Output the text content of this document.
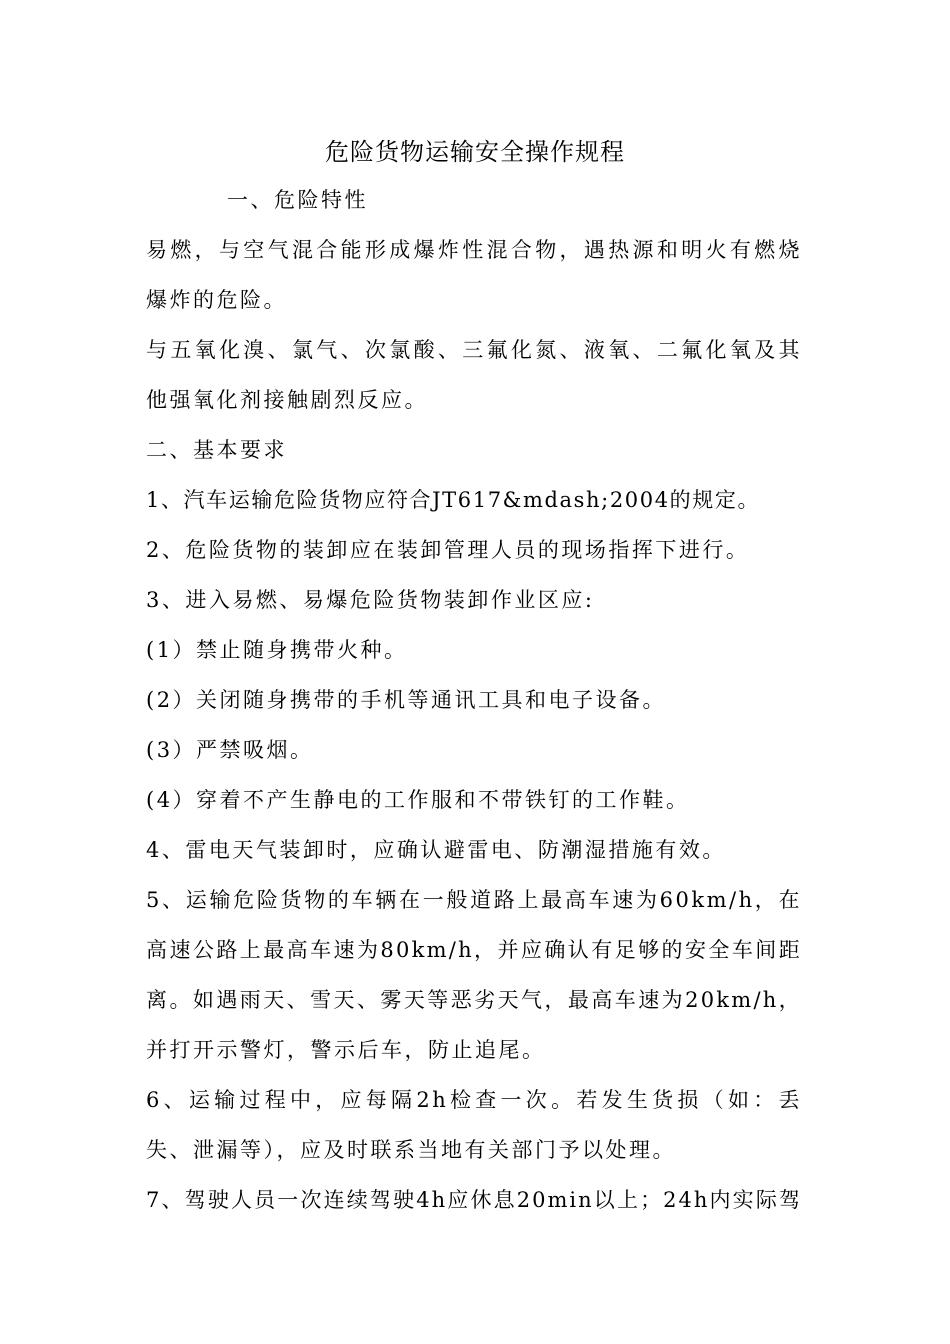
危险货物运输安全操作规程
一、危险特性
易燃，与空气混合能形成爆炸性混合物，遇热源和明火有燃烧
爆炸的危险。
与五氧化溴、氯气、次氯酸、三氟化氮、液氧、二氟化氧及其
他强氧化剂接触剧烈反应。
二、基本要求
1、汽车运输危险货物应符合JT617&mdash;2004的规定。
2、危险货物的装卸应在装卸管理人员的现场指挥下进行。
3、进入易燃、易爆危险货物装卸作业区应:
(1）禁止随身携带火种。
(2）关闭随身携带的手机等通讯工具和电子设备。
(3）严禁吸烟。
(4）穿着不产生静电的工作服和不带铁钉的工作鞋。
4、雷电天气装卸时，应确认避雷电、防潮湿措施有效。
5、运输危险货物的车辆在一般道路上最高车速为60km/h，在
高速公路上最高车速为80km/h，并应确认有足够的安全车间距
离。如遇雨天、雪天、雾天等恶劣天气，最高车速为20km/h，
并打开示警灯，警示后车，防止追尾。
6、运输过程中，应每隔2h检查一次。若发生货损（如：丢
失、泄漏等），应及时联系当地有关部门予以处理。
7、驾驶人员一次连续驾驶4h应休息20min以上；24h内实际驾
